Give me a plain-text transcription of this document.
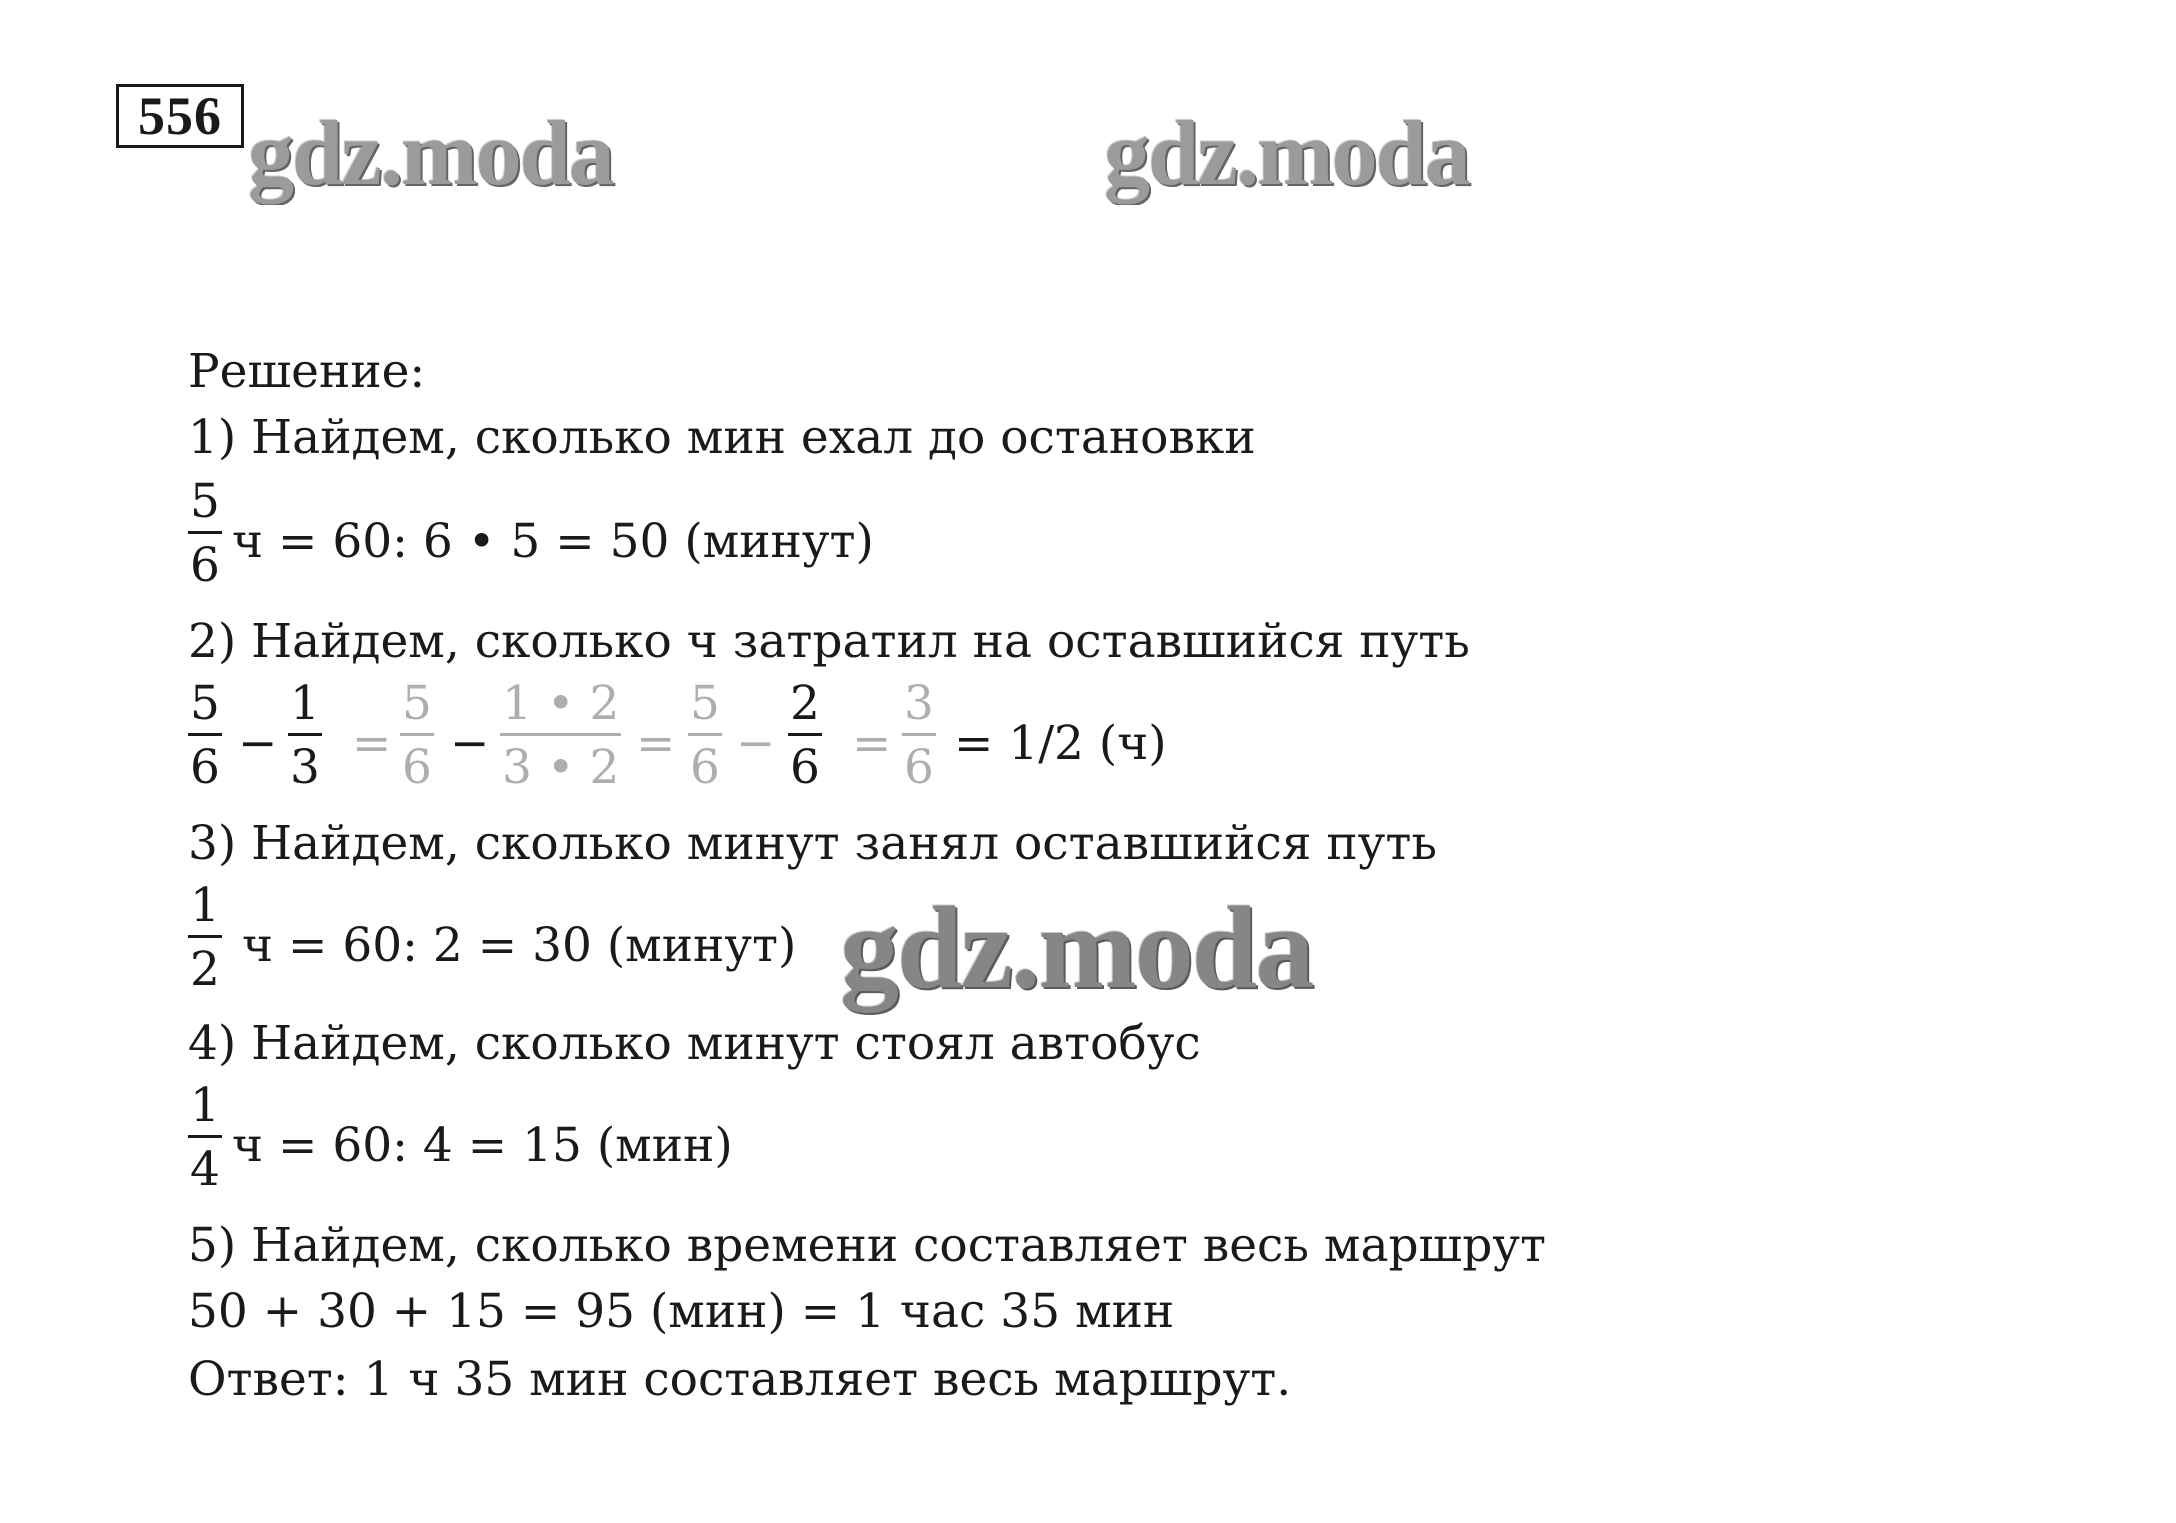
556 gdz.moda	gdz.moda
Решение:
1) Найдем, сколько мин ехал до остановки
5
6 ч = 60: 6 • 5 = 50 (минут)
2) Найдем, сколько ч затратил на оставшийся путь
5
6 −
1
3 =
5
6 −
1 • 2
3 • 2 =
5
6 −
2
6 =
3
6 = 1/2 (ч)
3) Найдем, сколько минут занял оставшийся путь
1
2 ч = 60: 2 = 30 (минут) gdz.moda
4) Найдем, сколько минут стоял автобус
1
4 ч = 60: 4 = 15 (мин)
5) Найдем, сколько времени составляет весь маршрут
50 + 30 + 15 = 95 (мин) = 1 час 35 мин
Ответ: 1 ч 35 мин составляет весь маршрут.
